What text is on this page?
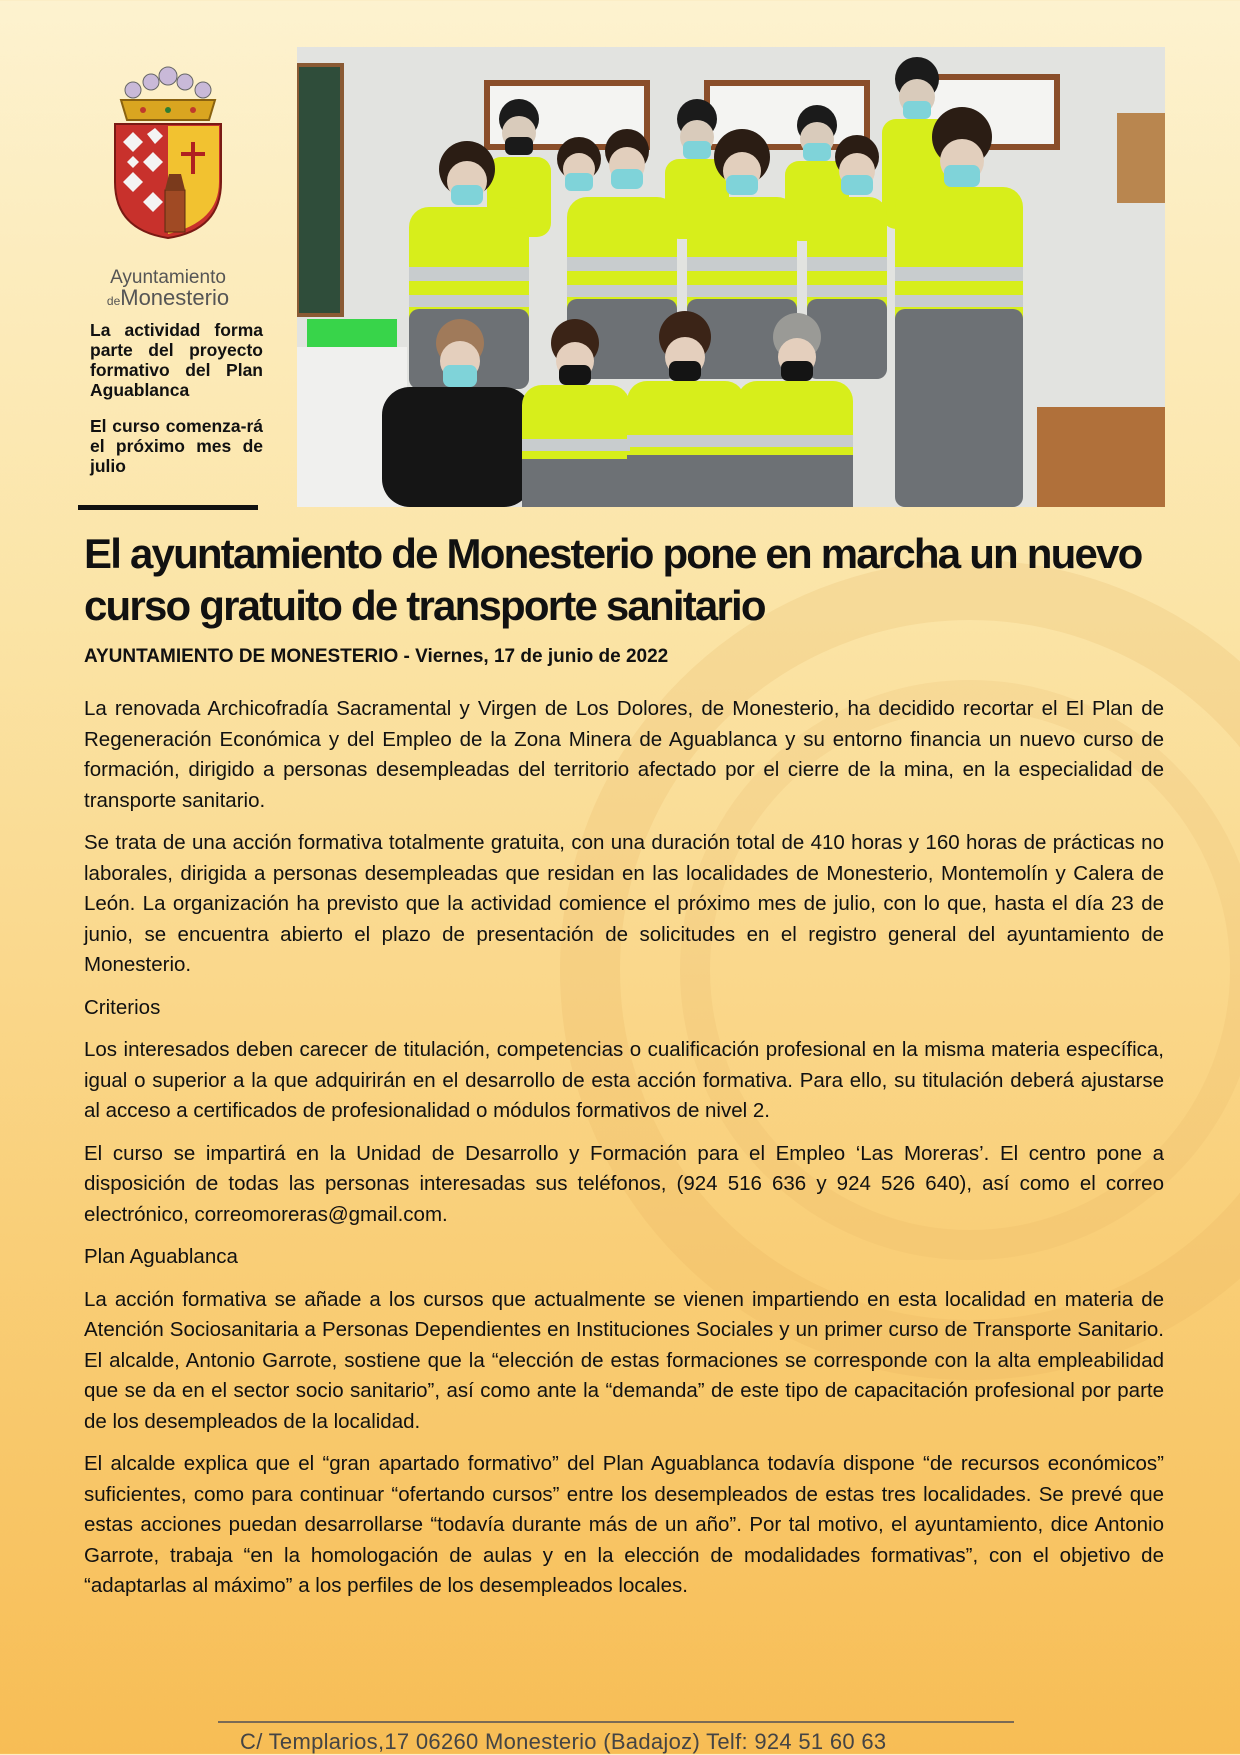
Ayuntamiento
deMonesterio
La actividad forma parte del proyecto formativo del Plan Aguablanca
El curso comenza-rá el próximo mes de julio
El ayuntamiento de Monesterio pone en marcha un nuevo curso gratuito de transporte sanitario
AYUNTAMIENTO DE MONESTERIO - Viernes, 17 de junio de 2022

La renovada Archicofradía Sacramental y Virgen de Los Dolores, de Monesterio, ha decidido recortar el El Plan de Regeneración Económica y del Empleo de la Zona Minera de Aguablanca y su entorno financia un nuevo curso de formación, dirigido a personas desempleadas del territorio afectado por el cierre de la mina, en la especialidad de transporte sanitario.

Se trata de una acción formativa totalmente gratuita, con una duración total de 410 horas y 160 horas de prácticas no laborales, dirigida a personas desempleadas que residan en las localidades de Monesterio, Montemolín y Calera de León. La organización ha previsto que la actividad comience el próximo mes de julio, con lo que, hasta el día 23 de junio, se encuentra abierto el plazo de presentación de solicitudes en el registro general del ayuntamiento de Monesterio.

Criterios

Los interesados deben carecer de titulación, competencias o cualificación profesional en la misma materia específica, igual o superior a la que adquirirán en el desarrollo de esta acción formativa. Para ello, su titulación deberá ajustarse al acceso a certificados de profesionalidad o módulos formativos de nivel 2.

El curso se impartirá en la Unidad de Desarrollo y Formación para el Empleo ‘Las Moreras’. El centro pone a disposición de todas las personas interesadas sus teléfonos, (924 516 636 y 924 526 640), así como el correo electrónico, correomoreras@gmail.com.

Plan Aguablanca

La acción formativa se añade a los cursos que actualmente se vienen impartiendo en esta localidad en materia de Atención Sociosanitaria a Personas Dependientes en Instituciones Sociales y un primer curso de Transporte Sanitario. El alcalde, Antonio Garrote, sostiene que la “elección de estas formaciones se corresponde con la alta empleabilidad que se da en el sector socio sanitario”, así como ante la “demanda” de este tipo de capacitación profesional por parte de los desempleados de la localidad.

El alcalde explica que el “gran apartado formativo” del Plan Aguablanca todavía dispone “de recursos económicos” suficientes, como para continuar “ofertando cursos” entre los desempleados de estas tres localidades. Se prevé que estas acciones puedan desarrollarse “todavía durante más de un año”. Por tal motivo, el ayuntamiento, dice Antonio Garrote, trabaja “en la homologación de aulas y en la elección de modalidades formativas”, con el objetivo de “adaptarlas al máximo” a los perfiles de los desempleados locales.

C/ Templarios,17 06260 Monesterio (Badajoz) Telf: 924 51 60 63
